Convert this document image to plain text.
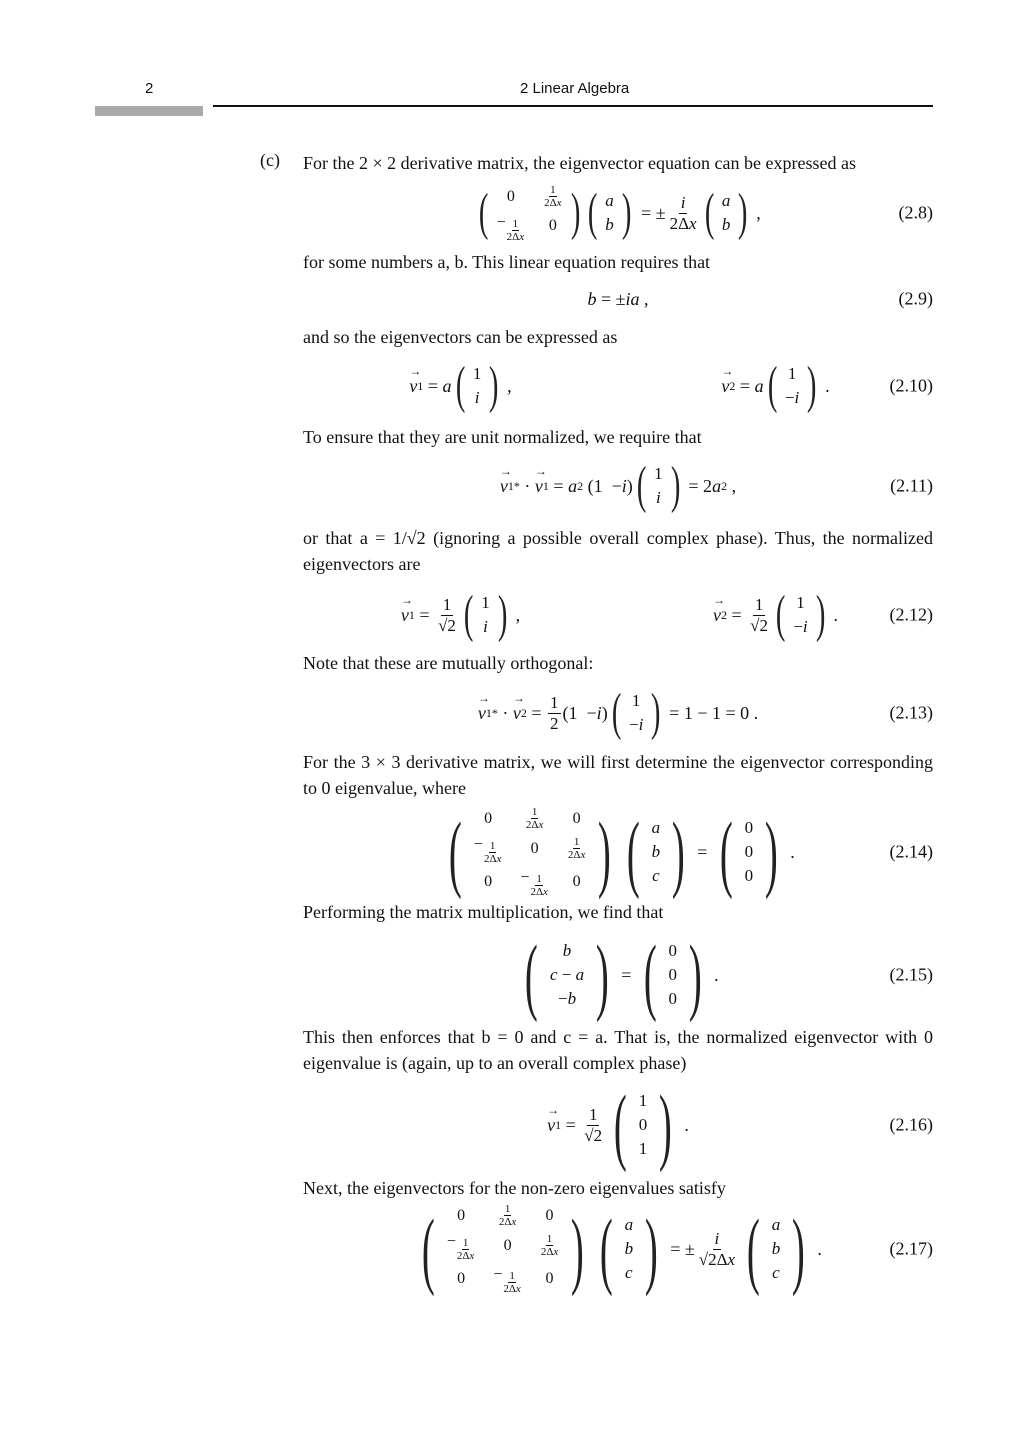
2	2 Linear Algebra
(c) For the 2 × 2 derivative matrix, the eigenvector equation can be expressed as
( 0	1
2Δx
− $\frac{1}{2\Delta x} 0$ ) ( a
b ) = ± $\frac{i}{2\Delta x}$ ( a
b ) ,	(2.8)
for some numbers a, b. This linear equation requires that
b = ± ia ,	(2.9)
and so the eigenvectors can be expressed as
→ v 1 = a ( 1
i ) ,	→ v 2 = a ( 1
−i ) .	(2.10)
To ensure that they are unit normalized, we require that
→ v 1 * · → v 1 = a 2 (1  − i ) ( 1
i ) = 2 a 2 ,	(2.11)
or that a = 1/√2 (ignoring a possible overall complex phase). Thus, the normalized eigenvectors are
→ v $1 = \frac{1}{√2}$ ( 1
i ) ,	→ v $2 = \frac{1}{√2}$ ( 1
−i ) .	(2.12)
Note that these are mutually orthogonal:
→ v 1 * · → v $2 = \frac{1}{2} (1 - i$ ) ( 1
−i ) = 1 − 1 = 0 .	(2.13)
For the 3 × 3 derivative matrix, we will first determine the eigenvector corresponding to 0 eigenvalue, where
( 0	1
2Δx 0
− $\frac{1}{2\Delta x} 0$	1
2Δx
$0 - \frac{1}{2\Delta x} 0$ ) ( a
b
c ) = ( 0
0
0 ) .	(2.14)
Performing the matrix multiplication, we find that
( b
c − a
−b ) = ( 0
0
0 ) .	(2.15)
This then enforces that b = 0 and c = a. That is, the normalized eigenvector with 0 eigenvalue is (again, up to an overall complex phase)
→ v $1 = \frac{1}{√2}$ ( 1
0
1 ) .	(2.16)
Next, the eigenvectors for the non-zero eigenvalues satisfy
( 0	1
2Δx 0
− $\frac{1}{2\Delta x} 0$	1
2Δx
$0 - \frac{1}{2\Delta x} 0$ ) ( a
b
c ) = ± $\frac{i}{√2\Delta x}$ ( a
b
c ) .	(2.17)
